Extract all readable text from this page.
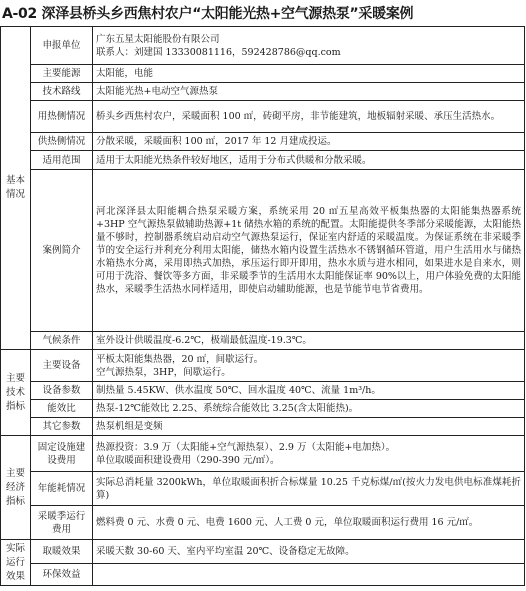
A-02 深泽县桥头乡西焦村农户“太阳能光热+空气源热泵”采暖案例
基本情况	申报单位	广东五星太阳能股份有限公司
联系人：刘建国 13330081116，592428786@qq.com

	主要能源	太阳能，电能
	技术路线	太阳能光热+电动空气源热泵
	用热侧情况	桥头乡西焦村农户，采暖面积 100 ㎡，砖砌平房，非节能建筑，地板辐射采暖、承压生活热水。
	供热侧情况	分散采暖，采暖面积 100 ㎡，2017 年 12 月建成投运。
	适用范围	适用于太阳能光热条件较好地区，适用于分布式供暖和分散采暖。
	案例简介	河北深泽县太阳能耦合热泵采暖方案，系统采用 20 ㎡五星高效平板集热器的太阳能集热器系统+3HP 空气源热泵做辅助热源+1t 储热水箱的系统的配置。太阳能提供冬季部分采暖能源，太阳能热量不够时，控制器系统启动启动空气源热泵运行，保证室内舒适的采暖温度。为保证系统在非采暖季节的安全运行并利充分利用太阳能，储热水箱内设置生活热水不锈钢循环管道，用户生活用水与储热水箱热水分离，采用即热式加热，承压运行即开即用，热水水质与进水相同，如果进水是自来水，则可用于洗浴、餐饮等多方面，非采暖季节的生活用水太阳能保证率 90%以上，用户体验免费的太阳能热水，采暖季生活热水同样适用，即使启动辅助能源，也是节能节电节省费用。
	气候条件	室外设计供暖温度-6.2℃，极端最低温度-19.3℃。
主要技术指标	主要设备	平板太阳能集热器，20 ㎡，间歇运行。
空气源热泵，3HP，间歇运行。

	设备参数	制热量 5.45KW、供水温度 50℃、回水温度 40℃、流量 1m³/h。
	能效比	热泵-12℃能效比 2.25、系统综合能效比 3.25(含太阳能热)。
	其它参数	热泵机组是变频
主要经济指标	固定设施建设费用	热源投资：3.9 万（太阳能+空气源热泵）、2.9 万（太阳能+电加热）。
单位取暖面积建设费用（290-390 元/㎡）。

	年能耗情况	实际总消耗量 3200kWh，单位取暖面积折合标煤量 10.25 千克标煤/㎡(按火力发电供电标准煤耗折算)
	采暖季运行费用	燃料费 0 元、水费 0 元、电费 1600 元、人工费 0 元，单位取暖面积运行费用 16 元/㎡。
实际运行效果	取暖效果	采暖天数 30-60 天、室内平均室温 20℃、设备稳定无故障。
	环保效益	
